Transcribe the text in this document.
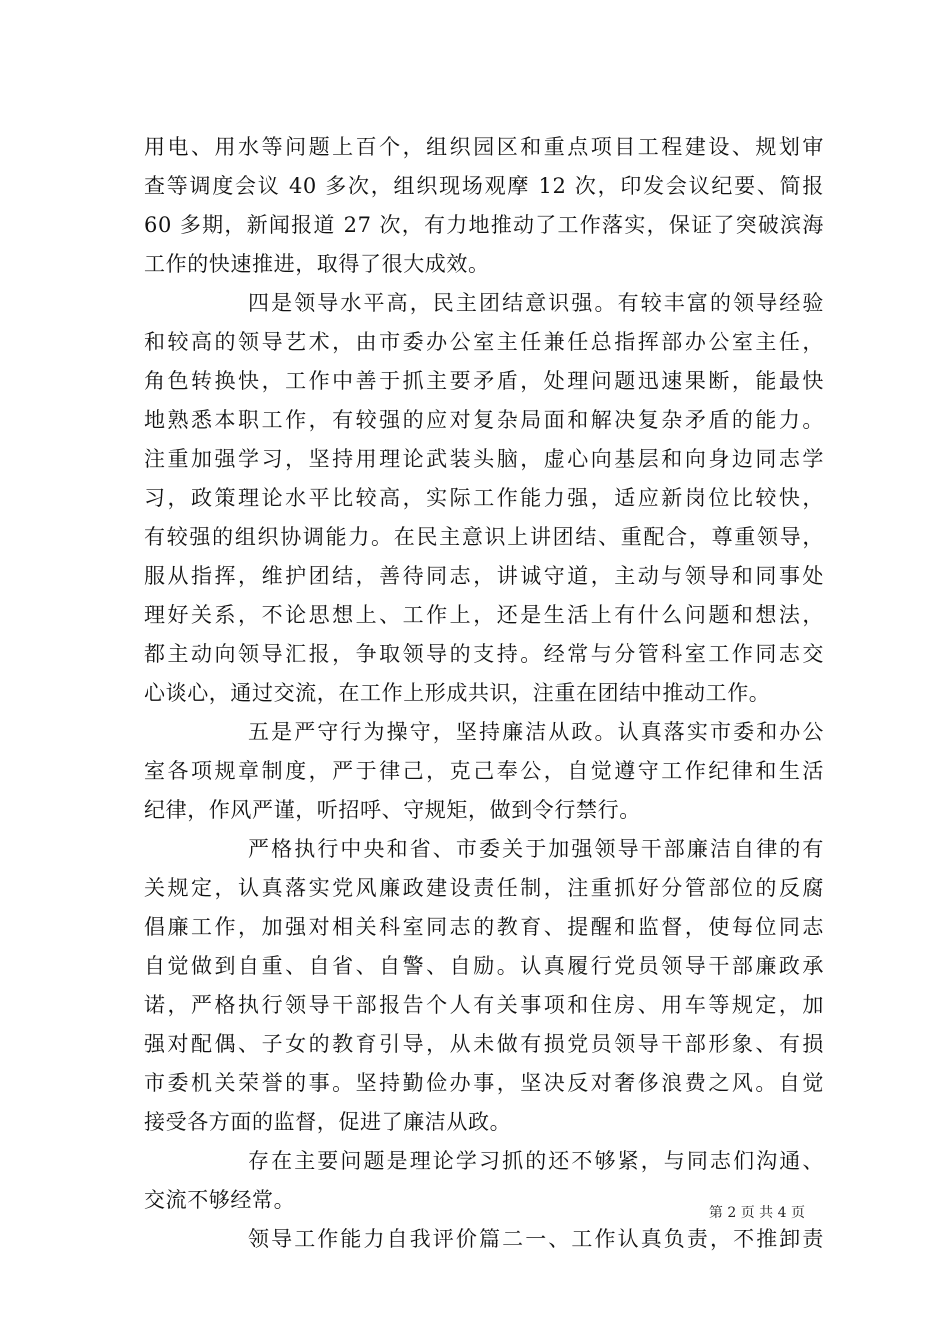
用电、用水等问题上百个，组织园区和重点项目工程建设、规划审
查等调度会议 40 多次，组织现场观摩 12 次，印发会议纪要、简报
60 多期，新闻报道 27 次，有力地推动了工作落实，保证了突破滨海
工作的快速推进，取得了很大成效。
四是领导水平高，民主团结意识强。有较丰富的领导经验
和较高的领导艺术，由市委办公室主任兼任总指挥部办公室主任，
角色转换快，工作中善于抓主要矛盾，处理问题迅速果断，能最快
地熟悉本职工作，有较强的应对复杂局面和解决复杂矛盾的能力。
注重加强学习，坚持用理论武装头脑，虚心向基层和向身边同志学
习，政策理论水平比较高，实际工作能力强，适应新岗位比较快，
有较强的组织协调能力。在民主意识上讲团结、重配合，尊重领导，
服从指挥，维护团结，善待同志，讲诚守道，主动与领导和同事处
理好关系，不论思想上、工作上，还是生活上有什么问题和想法，
都主动向领导汇报，争取领导的支持。经常与分管科室工作同志交
心谈心，通过交流，在工作上形成共识，注重在团结中推动工作。
五是严守行为操守，坚持廉洁从政。认真落实市委和办公
室各项规章制度，严于律己，克己奉公，自觉遵守工作纪律和生活
纪律，作风严谨，听招呼、守规矩，做到令行禁行。
严格执行中央和省、市委关于加强领导干部廉洁自律的有
关规定，认真落实党风廉政建设责任制，注重抓好分管部位的反腐
倡廉工作，加强对相关科室同志的教育、提醒和监督，使每位同志
自觉做到自重、自省、自警、自励。认真履行党员领导干部廉政承
诺，严格执行领导干部报告个人有关事项和住房、用车等规定，加
强对配偶、子女的教育引导，从未做有损党员领导干部形象、有损
市委机关荣誉的事。坚持勤俭办事，坚决反对奢侈浪费之风。自觉
接受各方面的监督，促进了廉洁从政。
存在主要问题是理论学习抓的还不够紧，与同志们沟通、
交流不够经常。
领导工作能力自我评价篇二一、工作认真负责，不推卸责
第 2 页 共 4 页
